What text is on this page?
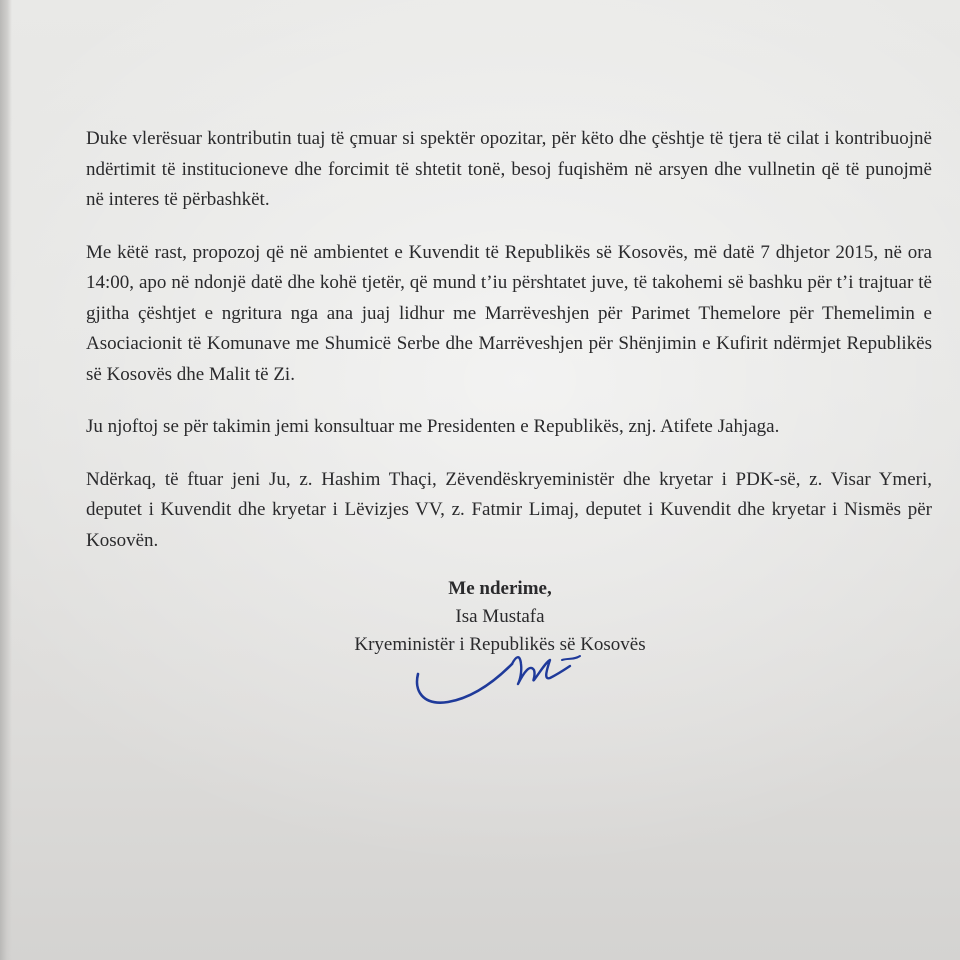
Duke vlerësuar kontributin tuaj të çmuar si spektër opozitar, për këto dhe çështje të tjera të cilat i kontribuojnë ndërtimit të institucioneve dhe forcimit të shtetit tonë, besoj fuqishëm në arsyen dhe vullnetin që të punojmë në interes të përbashkët.

Me këtë rast, propozoj që në ambientet e Kuvendit të Republikës së Kosovës, më datë 7 dhjetor 2015, në ora 14:00, apo në ndonjë datë dhe kohë tjetër, që mund t’iu përshtatet juve, të takohemi së bashku për t’i trajtuar të gjitha çështjet e ngritura nga ana juaj lidhur me Marrëveshjen për Parimet Themelore për Themelimin e Asociacionit të Komunave me Shumicë Serbe dhe Marrëveshjen për Shënjimin e Kufirit ndërmjet Republikës së Kosovës dhe Malit të Zi.

Ju njoftoj se për takimin jemi konsultuar me Presidenten e Republikës, znj. Atifete Jahjaga.

Ndërkaq, të ftuar jeni Ju, z. Hashim Thaçi, Zëvendëskryeministër dhe kryetar i PDK-së, z. Visar Ymeri, deputet i Kuvendit dhe kryetar i Lëvizjes VV, z. Fatmir Limaj, deputet i Kuvendit dhe kryetar i Nismës për Kosovën.

Me nderime,
Isa Mustafa
Kryeministër i Republikës së Kosovës
